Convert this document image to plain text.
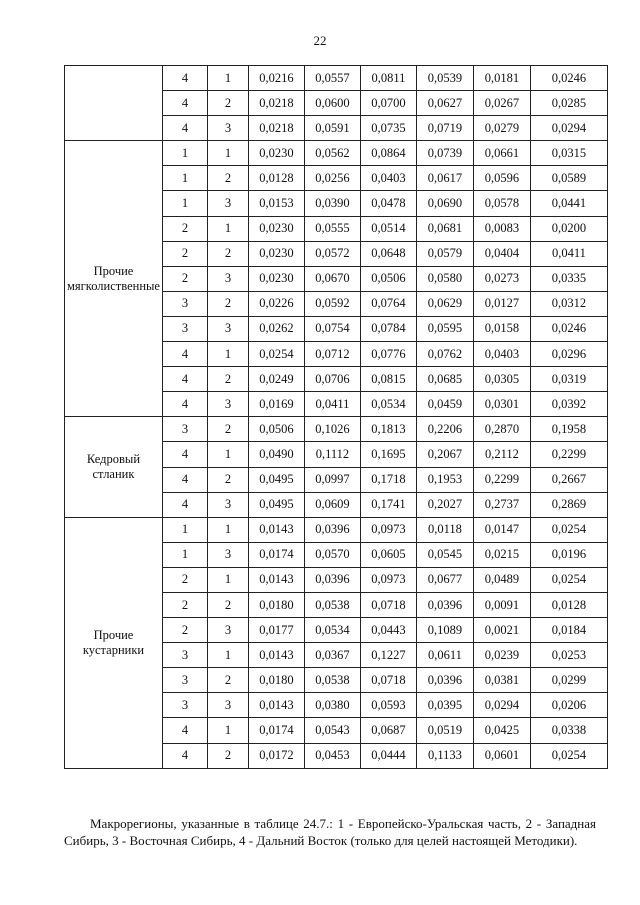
22
	4	1	0,0216	0,0557	0,0811	0,0539	0,0181	0,0246
	4	2	0,0218	0,0600	0,0700	0,0627	0,0267	0,0285
	4	3	0,0218	0,0591	0,0735	0,0719	0,0279	0,0294
Прочие мягколиственные	1	1	0,0230	0,0562	0,0864	0,0739	0,0661	0,0315
	1	2	0,0128	0,0256	0,0403	0,0617	0,0596	0,0589
	1	3	0,0153	0,0390	0,0478	0,0690	0,0578	0,0441
	2	1	0,0230	0,0555	0,0514	0,0681	0,0083	0,0200
	2	2	0,0230	0,0572	0,0648	0,0579	0,0404	0,0411
	2	3	0,0230	0,0670	0,0506	0,0580	0,0273	0,0335
	3	2	0,0226	0,0592	0,0764	0,0629	0,0127	0,0312
	3	3	0,0262	0,0754	0,0784	0,0595	0,0158	0,0246
	4	1	0,0254	0,0712	0,0776	0,0762	0,0403	0,0296
	4	2	0,0249	0,0706	0,0815	0,0685	0,0305	0,0319
	4	3	0,0169	0,0411	0,0534	0,0459	0,0301	0,0392
Кедровый стланик	3	2	0,0506	0,1026	0,1813	0,2206	0,2870	0,1958
	4	1	0,0490	0,1112	0,1695	0,2067	0,2112	0,2299
	4	2	0,0495	0,0997	0,1718	0,1953	0,2299	0,2667
	4	3	0,0495	0,0609	0,1741	0,2027	0,2737	0,2869
Прочие кустарники	1	1	0,0143	0,0396	0,0973	0,0118	0,0147	0,0254
	1	3	0,0174	0,0570	0,0605	0,0545	0,0215	0,0196
	2	1	0,0143	0,0396	0,0973	0,0677	0,0489	0,0254
	2	2	0,0180	0,0538	0,0718	0,0396	0,0091	0,0128
	2	3	0,0177	0,0534	0,0443	0,1089	0,0021	0,0184
	3	1	0,0143	0,0367	0,1227	0,0611	0,0239	0,0253
	3	2	0,0180	0,0538	0,0718	0,0396	0,0381	0,0299
	3	3	0,0143	0,0380	0,0593	0,0395	0,0294	0,0206
	4	1	0,0174	0,0543	0,0687	0,0519	0,0425	0,0338
	4	2	0,0172	0,0453	0,0444	0,1133	0,0601	0,0254
Макрорегионы, указанные в таблице 24.7.: 1 - Европейско-Уральская часть, 2 - Западная Сибирь, 3 - Восточная Сибирь, 4 - Дальний Восток (только для целей настоящей Методики).
